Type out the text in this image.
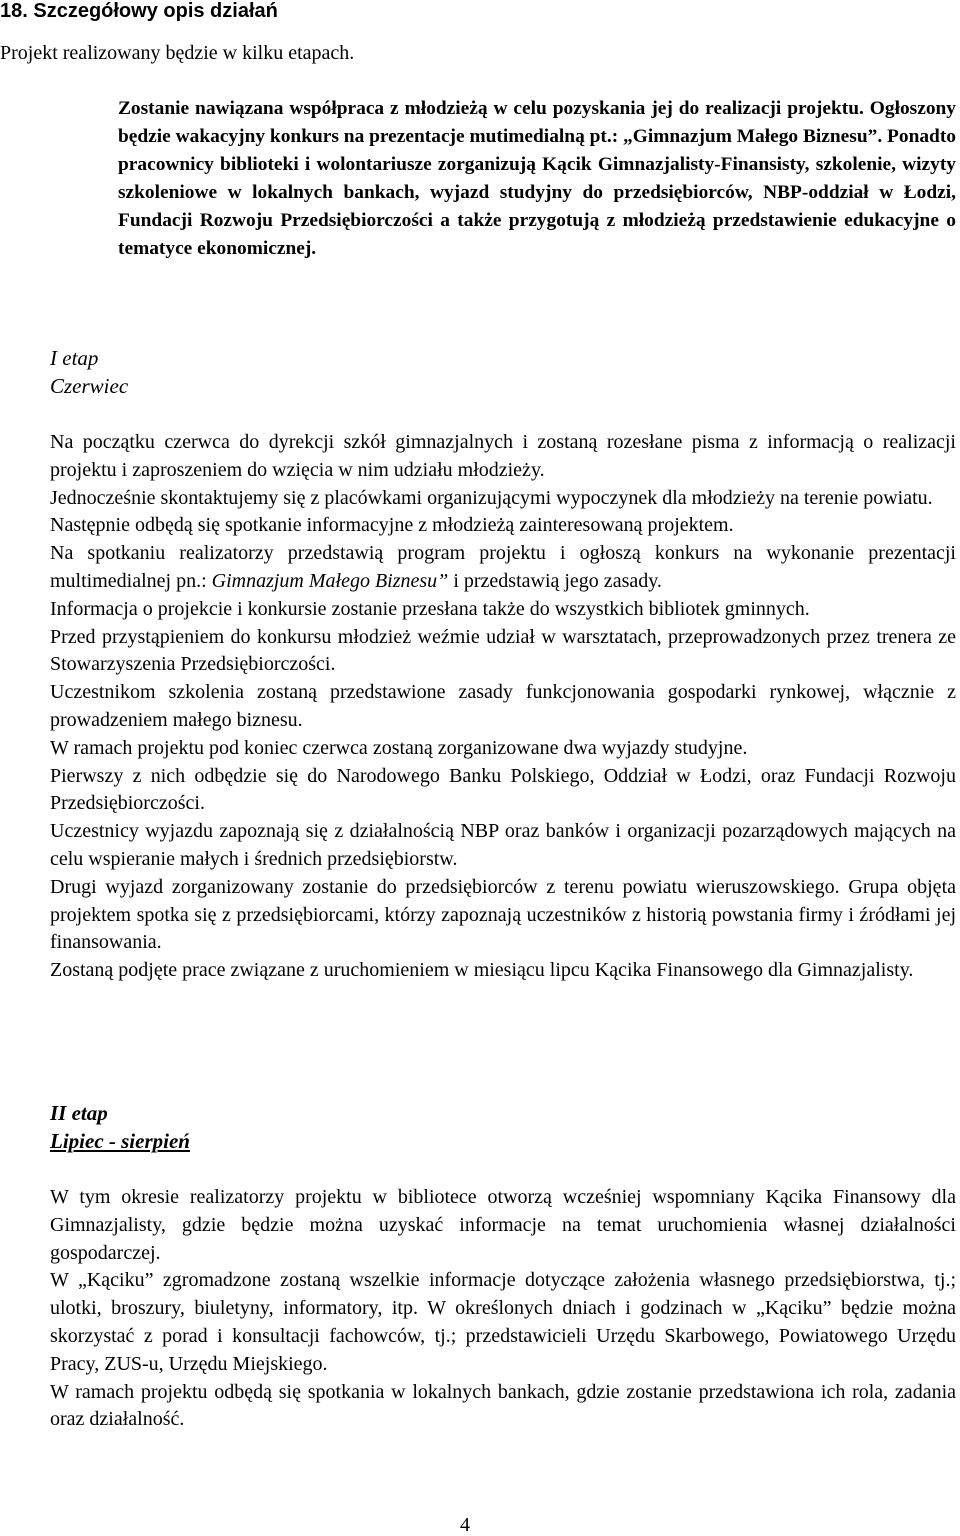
18. Szczegółowy opis działań
Projekt realizowany będzie w kilku etapach.
Zostanie nawiązana współpraca z młodzieżą w celu pozyskania jej do realizacji projektu. Ogłoszony będzie wakacyjny konkurs na prezentacje mutimedialną pt.: „Gimnazjum Małego Biznesu”. Ponadto pracownicy biblioteki i wolontariusze zorganizują Kącik Gimnazjalisty-Finansisty, szkolenie, wizyty szkoleniowe w lokalnych bankach, wyjazd studyjny do przedsiębiorców, NBP-oddział w Łodzi, Fundacji Rozwoju Przedsiębiorczości a także przygotują z młodzieżą przedstawienie edukacyjne o tematyce ekonomicznej.
I etap
Czerwiec

Na początku czerwca do dyrekcji szkół gimnazjalnych i zostaną rozesłane pisma z informacją o realizacji projektu i zaproszeniem do wzięcia w nim udziału młodzieży.

Jednocześnie skontaktujemy się z placówkami organizującymi wypoczynek dla młodzieży na terenie powiatu.

Następnie odbędą się spotkanie informacyjne z młodzieżą zainteresowaną projektem.

Na spotkaniu realizatorzy przedstawią program projektu i ogłoszą konkurs na wykonanie prezentacji multimedialnej pn.: Gimnazjum Małego Biznesu” i przedstawią jego zasady.

Informacja o projekcie i konkursie zostanie przesłana także do wszystkich bibliotek gminnych.

Przed przystąpieniem do konkursu młodzież weźmie udział w warsztatach, przeprowadzonych przez trenera ze Stowarzyszenia Przedsiębiorczości.

Uczestnikom szkolenia zostaną przedstawione zasady funkcjonowania gospodarki rynkowej, włącznie z prowadzeniem małego biznesu.

W ramach projektu pod koniec czerwca zostaną zorganizowane dwa wyjazdy studyjne.

Pierwszy z nich odbędzie się do Narodowego Banku Polskiego, Oddział w Łodzi, oraz Fundacji Rozwoju Przedsiębiorczości.

Uczestnicy wyjazdu zapoznają się z działalnością NBP oraz banków i organizacji pozarządowych mających na celu wspieranie małych i średnich przedsiębiorstw.

Drugi wyjazd zorganizowany zostanie do przedsiębiorców z terenu powiatu wieruszowskiego. Grupa objęta projektem spotka się z przedsiębiorcami, którzy zapoznają uczestników z historią powstania firmy i źródłami jej finansowania.

Zostaną podjęte prace związane z uruchomieniem w miesiącu lipcu Kącika Finansowego dla Gimnazjalisty.

II etap
Lipiec - sierpień

W tym okresie realizatorzy projektu w bibliotece otworzą wcześniej wspomniany Kącika Finansowy dla Gimnazjalisty, gdzie będzie można uzyskać informacje na temat uruchomienia własnej działalności gospodarczej.

W „Kąciku” zgromadzone zostaną wszelkie informacje dotyczące założenia własnego przedsiębiorstwa, tj.; ulotki, broszury, biuletyny, informatory, itp. W określonych dniach i godzinach w „Kąciku” będzie można skorzystać z porad i konsultacji fachowców, tj.; przedstawicieli Urzędu Skarbowego, Powiatowego Urzędu Pracy, ZUS-u, Urzędu Miejskiego.

W ramach projektu odbędą się spotkania w lokalnych bankach, gdzie zostanie przedstawiona ich rola, zadania oraz działalność.

4
